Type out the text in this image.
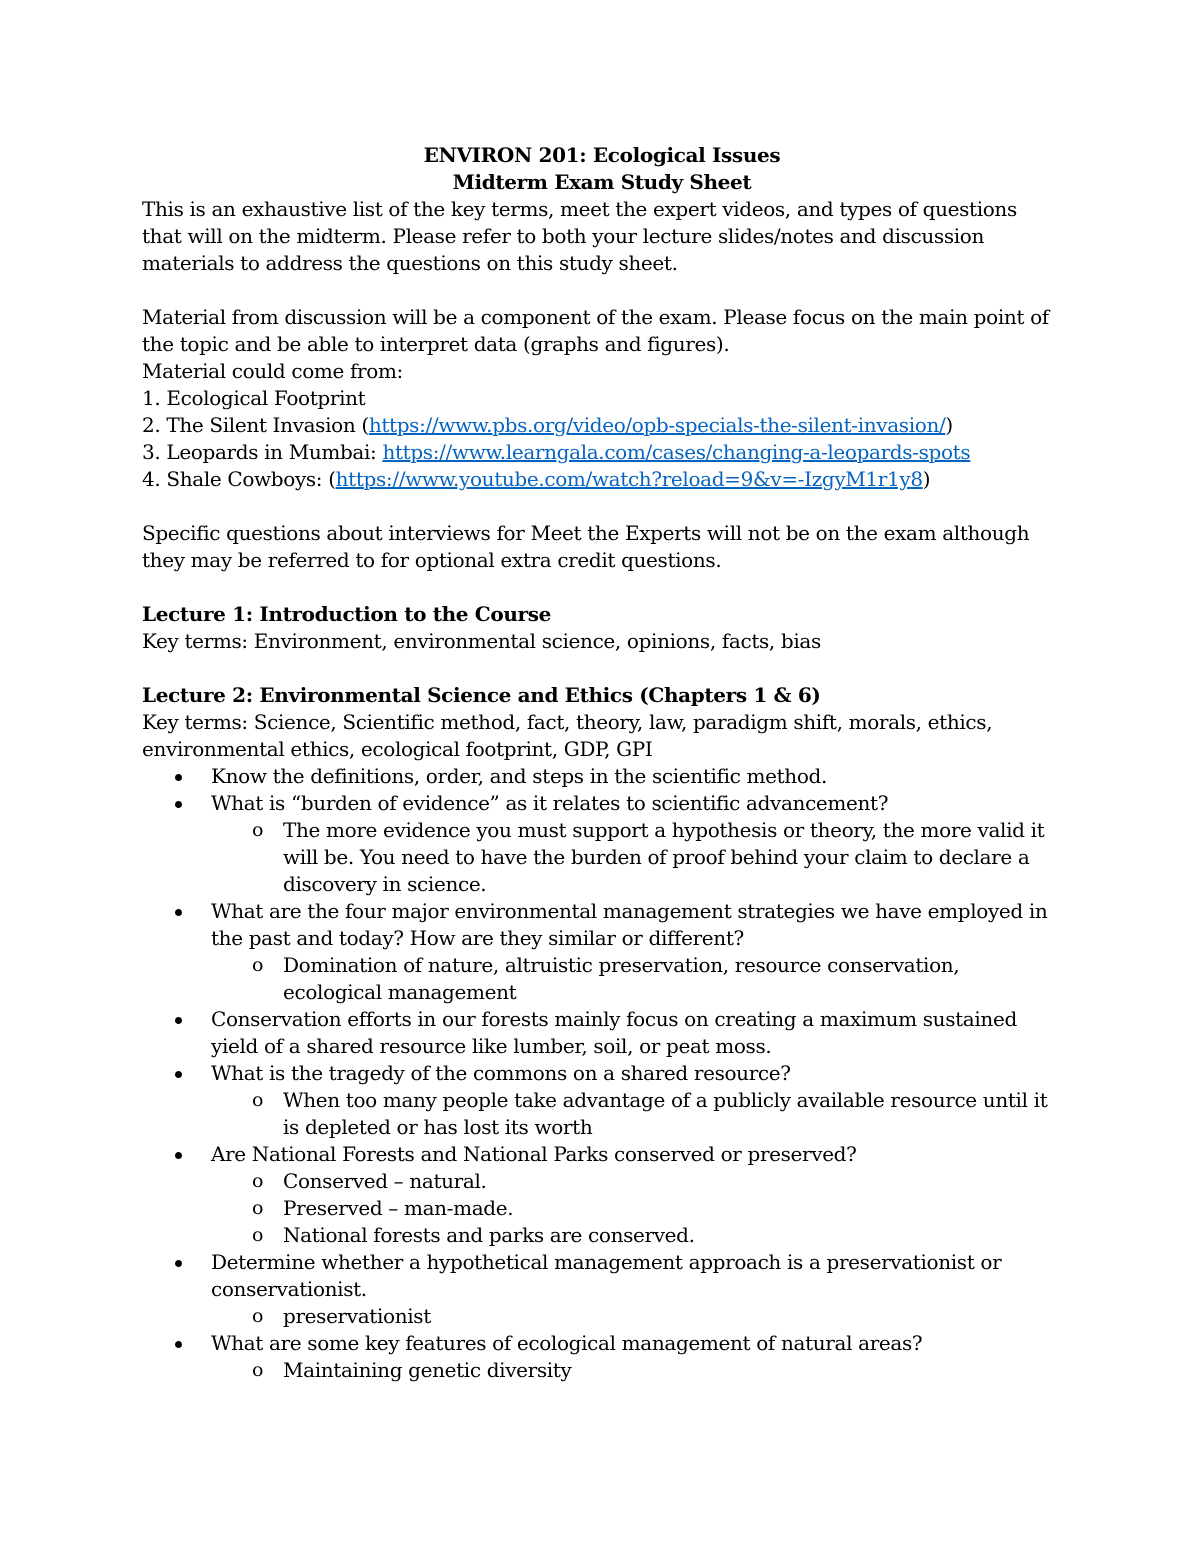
ENVIRON 201: Ecological Issues
Midterm Exam Study Sheet
This is an exhaustive list of the key terms, meet the expert videos, and types of questions that will on the midterm. Please refer to both your lecture slides/notes and discussion materials to address the questions on this study sheet.
Material from discussion will be a component of the exam. Please focus on the main point of the topic and be able to interpret data (graphs and figures).
Material could come from:
1. Ecological Footprint
2. The Silent Invasion (https://www.pbs.org/video/opb-specials-the-silent-invasion/)
3. Leopards in Mumbai: https://www.learngala.com/cases/changing-a-leopards-spots
4. Shale Cowboys: (https://www.youtube.com/watch?reload=9&v=-IzgyM1r1y8)
Specific questions about interviews for Meet the Experts will not be on the exam although they may be referred to for optional extra credit questions.
Lecture 1: Introduction to the Course
Key terms: Environment, environmental science, opinions, facts, bias
Lecture 2: Environmental Science and Ethics (Chapters 1 & 6)
Key terms: Science, Scientific method, fact, theory, law, paradigm shift, morals, ethics, environmental ethics, ecological footprint, GDP, GPI
Know the definitions, order, and steps in the scientific method.
What is “burden of evidence” as it relates to scientific advancement?
o The more evidence you must support a hypothesis or theory, the more valid it will be. You need to have the burden of proof behind your claim to declare a discovery in science.
What are the four major environmental management strategies we have employed in the past and today? How are they similar or different?
o Domination of nature, altruistic preservation, resource conservation, ecological management
Conservation efforts in our forests mainly focus on creating a maximum sustained yield of a shared resource like lumber, soil, or peat moss.
What is the tragedy of the commons on a shared resource?
o When too many people take advantage of a publicly available resource until it is depleted or has lost its worth
Are National Forests and National Parks conserved or preserved?
o Conserved – natural.
o Preserved – man-made.
o National forests and parks are conserved.
Determine whether a hypothetical management approach is a preservationist or conservationist.
o preservationist
What are some key features of ecological management of natural areas?
o Maintaining genetic diversity
